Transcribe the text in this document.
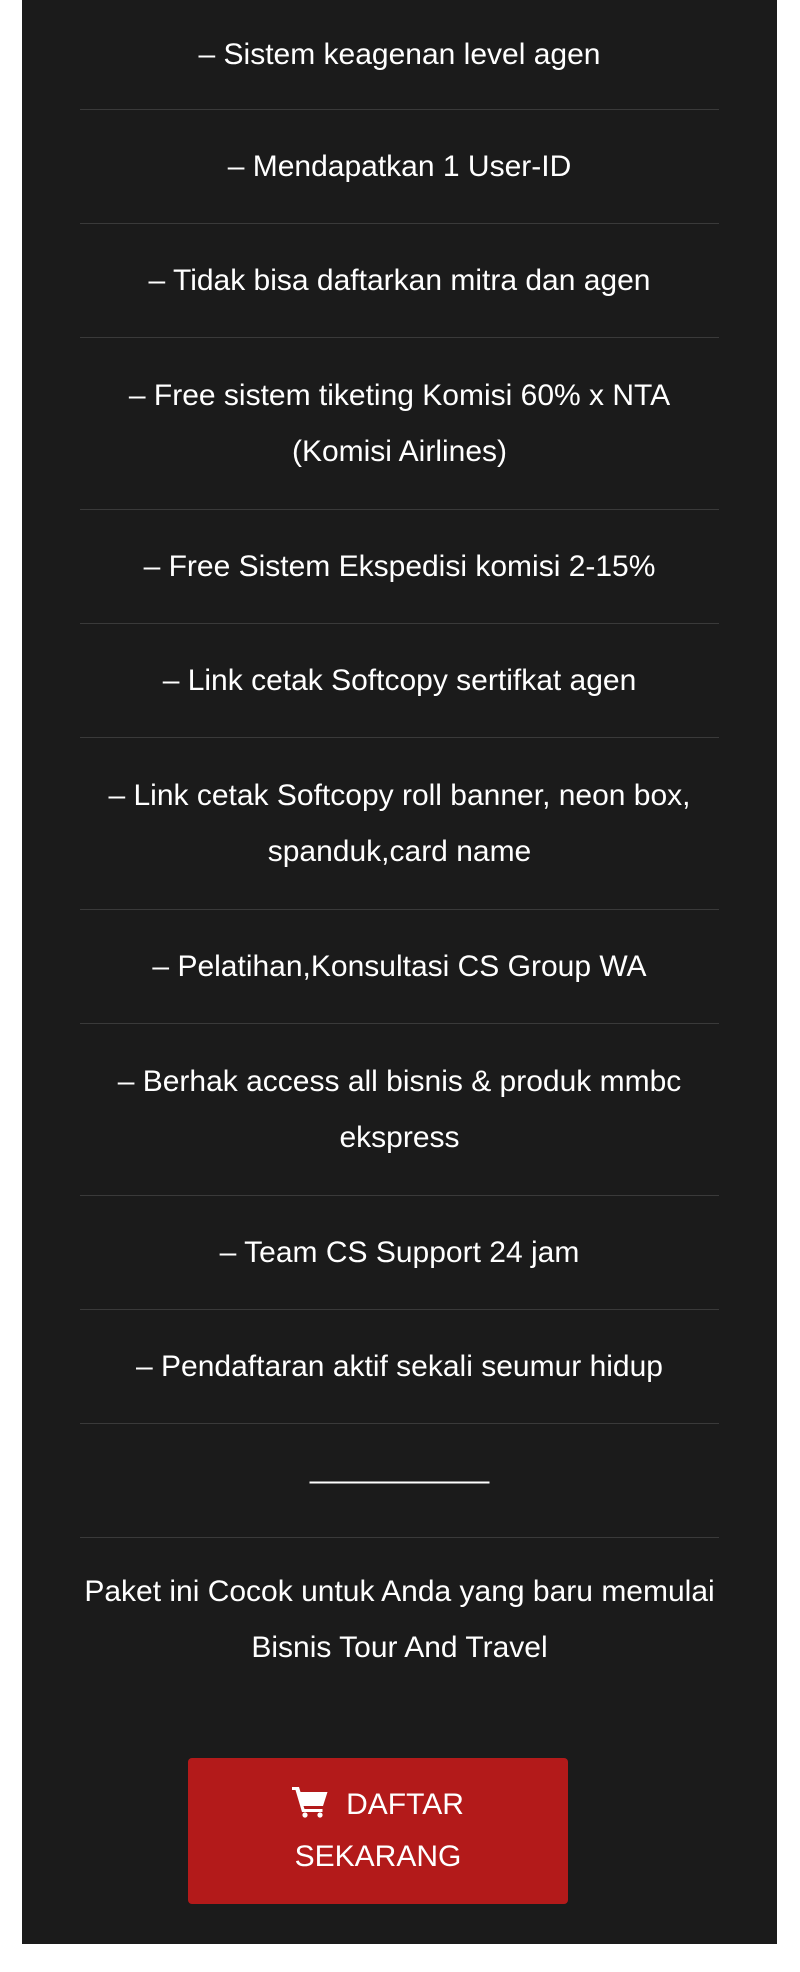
– Sistem keagenan level agen
– Mendapatkan 1 User-ID
– Tidak bisa daftarkan mitra dan agen
– Free sistem tiketing Komisi 60% x NTA (Komisi Airlines)
– Free Sistem Ekspedisi komisi 2-15%
– Link cetak Softcopy sertifkat agen
– Link cetak Softcopy roll banner, neon box, spanduk,card name
– Pelatihan,Konsultasi CS Group WA
– Berhak access all bisnis & produk mmbc ekspress
– Team CS Support 24 jam
– Pendaftaran aktif sekali seumur hidup
——————

Paket ini Cocok untuk Anda yang baru memulai Bisnis Tour And Travel

DAFTAR
SEKARANG
